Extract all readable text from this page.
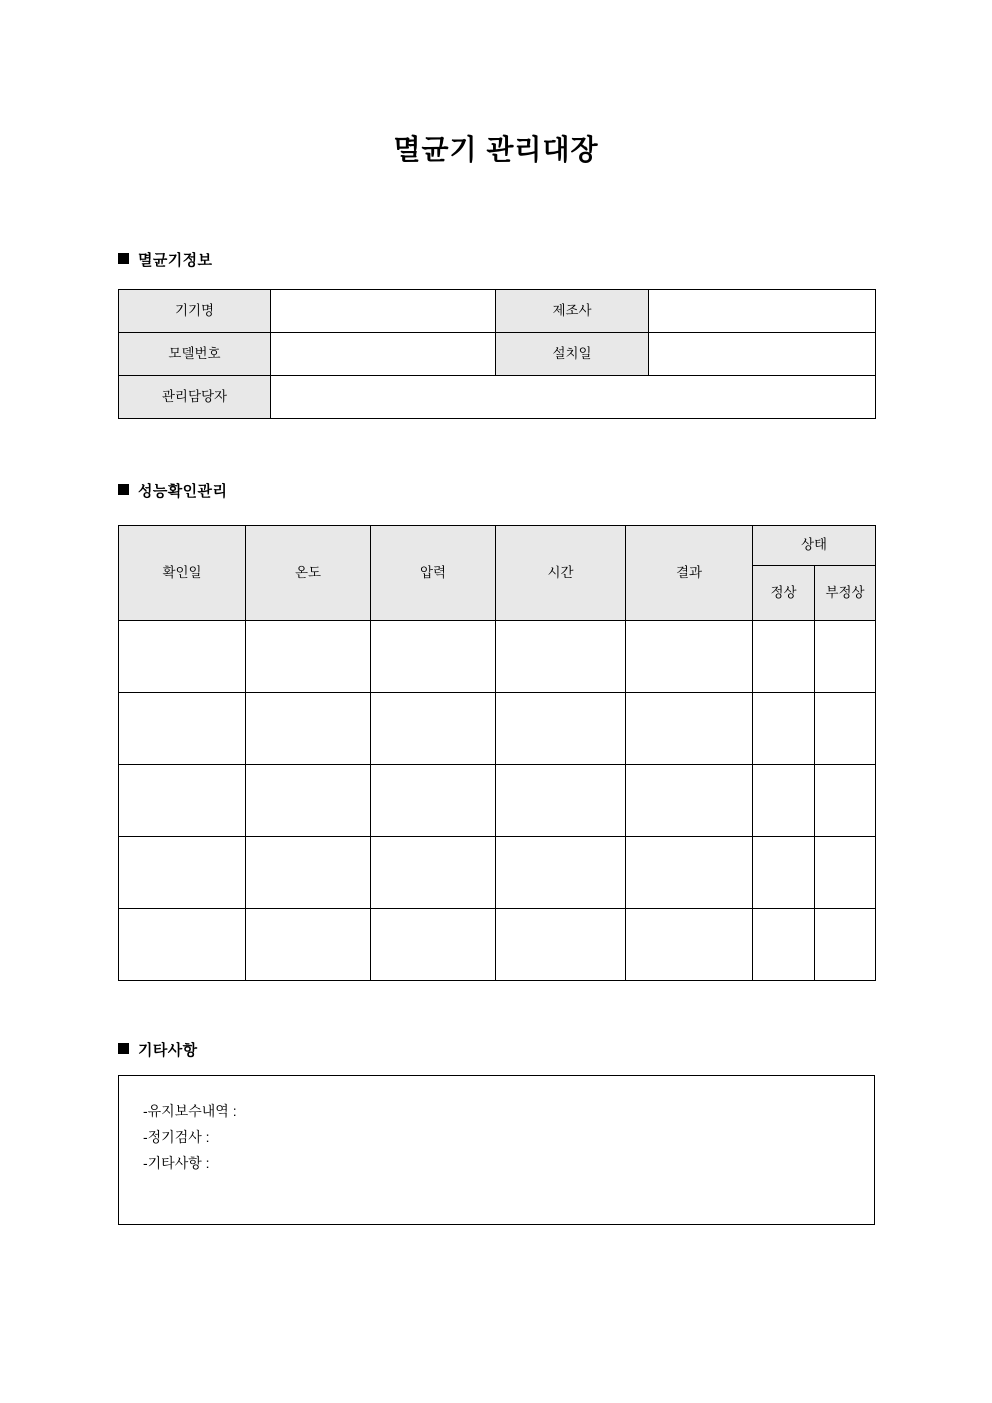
멸균기 관리대장
멸균기정보
기기명		제조사	
모델번호		설치일	
관리담당자			
성능확인관리
확인일	온도	압력	시간	결과	상태	
					정상	부정상

기타사항
-유지보수내역 :
-정기검사 :
-기타사항 :
